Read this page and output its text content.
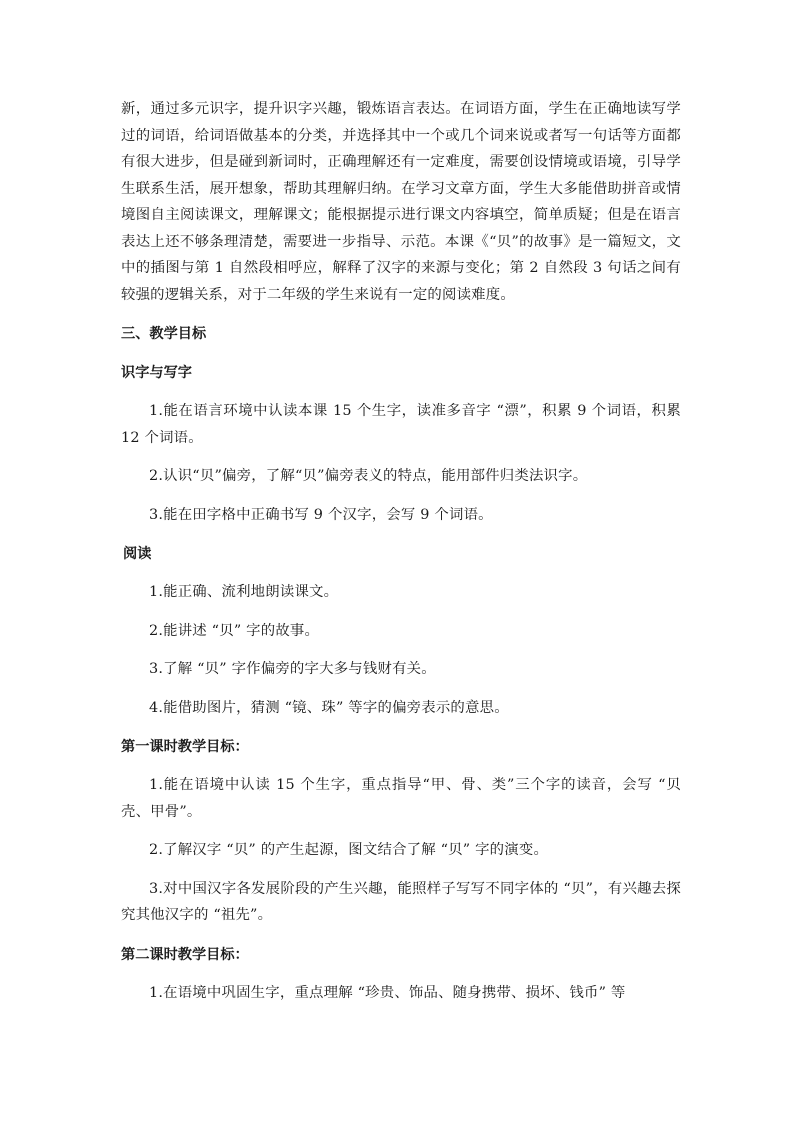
新，通过多元识字，提升识字兴趣，锻炼语言表达。在词语方面，学生在正确地读写学过的词语，给词语做基本的分类，并选择其中一个或几个词来说或者写一句话等方面都有很大进步，但是碰到新词时，正确理解还有一定难度，需要创设情境或语境，引导学生联系生活，展开想象，帮助其理解归纳。在学习文章方面，学生大多能借助拼音或情境图自主阅读课文，理解课文；能根据提示进行课文内容填空，简单质疑；但是在语言表达上还不够条理清楚，需要进一步指导、示范。本课《“贝”的故事》是一篇短文，文中的插图与第 1 自然段相呼应，解释了汉字的来源与变化；第 2 自然段 3 句话之间有较强的逻辑关系，对于二年级的学生来说有一定的阅读难度。

三、教学目标

识字与写字

1.能在语言环境中认读本课 15 个生字，读准多音字 “漂”，积累 9 个词语，积累 12 个词语。

2.认识“贝”偏旁，了解“贝”偏旁表义的特点，能用部件归类法识字。

3.能在田字格中正确书写 9 个汉字，会写 9 个词语。

阅读

1.能正确、流利地朗读课文。

2.能讲述 “贝” 字的故事。

3.了解 “贝” 字作偏旁的字大多与钱财有关。

4.能借助图片，猜测 “镜、珠” 等字的偏旁表示的意思。

第一课时教学目标：

1.能在语境中认读 15 个生字，重点指导“甲、骨、类”三个字的读音，会写 “贝壳、甲骨”。

2.了解汉字 “贝” 的产生起源，图文结合了解 “贝” 字的演变。

3.对中国汉字各发展阶段的产生兴趣，能照样子写写不同字体的 “贝”，有兴趣去探究其他汉字的 “祖先”。

第二课时教学目标：

1.在语境中巩固生字，重点理解 “珍贵、饰品、随身携带、损坏、钱币” 等
